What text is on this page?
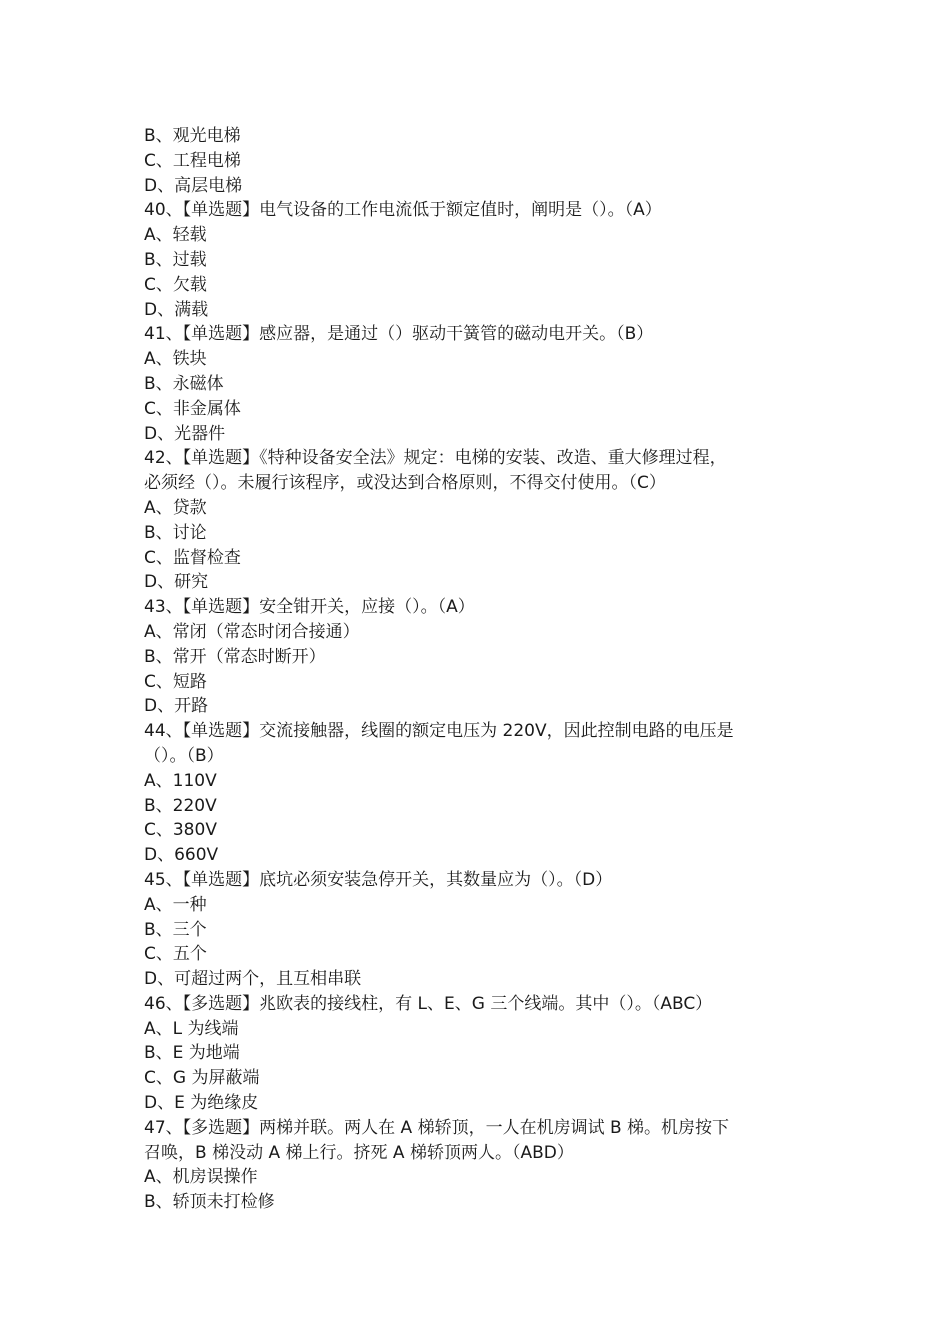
B、观光电梯
C、工程电梯
D、高层电梯
40、【单选题】电气设备的工作电流低于额定值时，阐明是（）。（A）
A、轻载
B、过载
C、欠载
D、满载
41、【单选题】感应器，是通过（）驱动干簧管的磁动电开关。（B）
A、铁块
B、永磁体
C、非金属体
D、光器件
42、【单选题】《特种设备安全法》规定：电梯的安装、改造、重大修理过程，
必须经（）。未履行该程序，或没达到合格原则，不得交付使用。（C）
A、贷款
B、讨论
C、监督检查
D、研究
43、【单选题】安全钳开关，应接（）。（A）
A、常闭（常态时闭合接通）
B、常开（常态时断开）
C、短路
D、开路
44、【单选题】交流接触器，线圈的额定电压为 220V，因此控制电路的电压是
（）。（B）
A、110V
B、220V
C、380V
D、660V
45、【单选题】底坑必须安装急停开关，其数量应为（）。（D）
A、一种
B、三个
C、五个
D、可超过两个，且互相串联
46、【多选题】兆欧表的接线柱，有 L、E、G 三个线端。其中（）。（ABC）
A、L 为线端
B、E 为地端
C、G 为屏蔽端
D、E 为绝缘皮
47、【多选题】两梯并联。两人在 A 梯轿顶，一人在机房调试 B 梯。机房按下
召唤，B 梯没动 A 梯上行。挤死 A 梯轿顶两人。（ABD）
A、机房误操作
B、轿顶未打检修
